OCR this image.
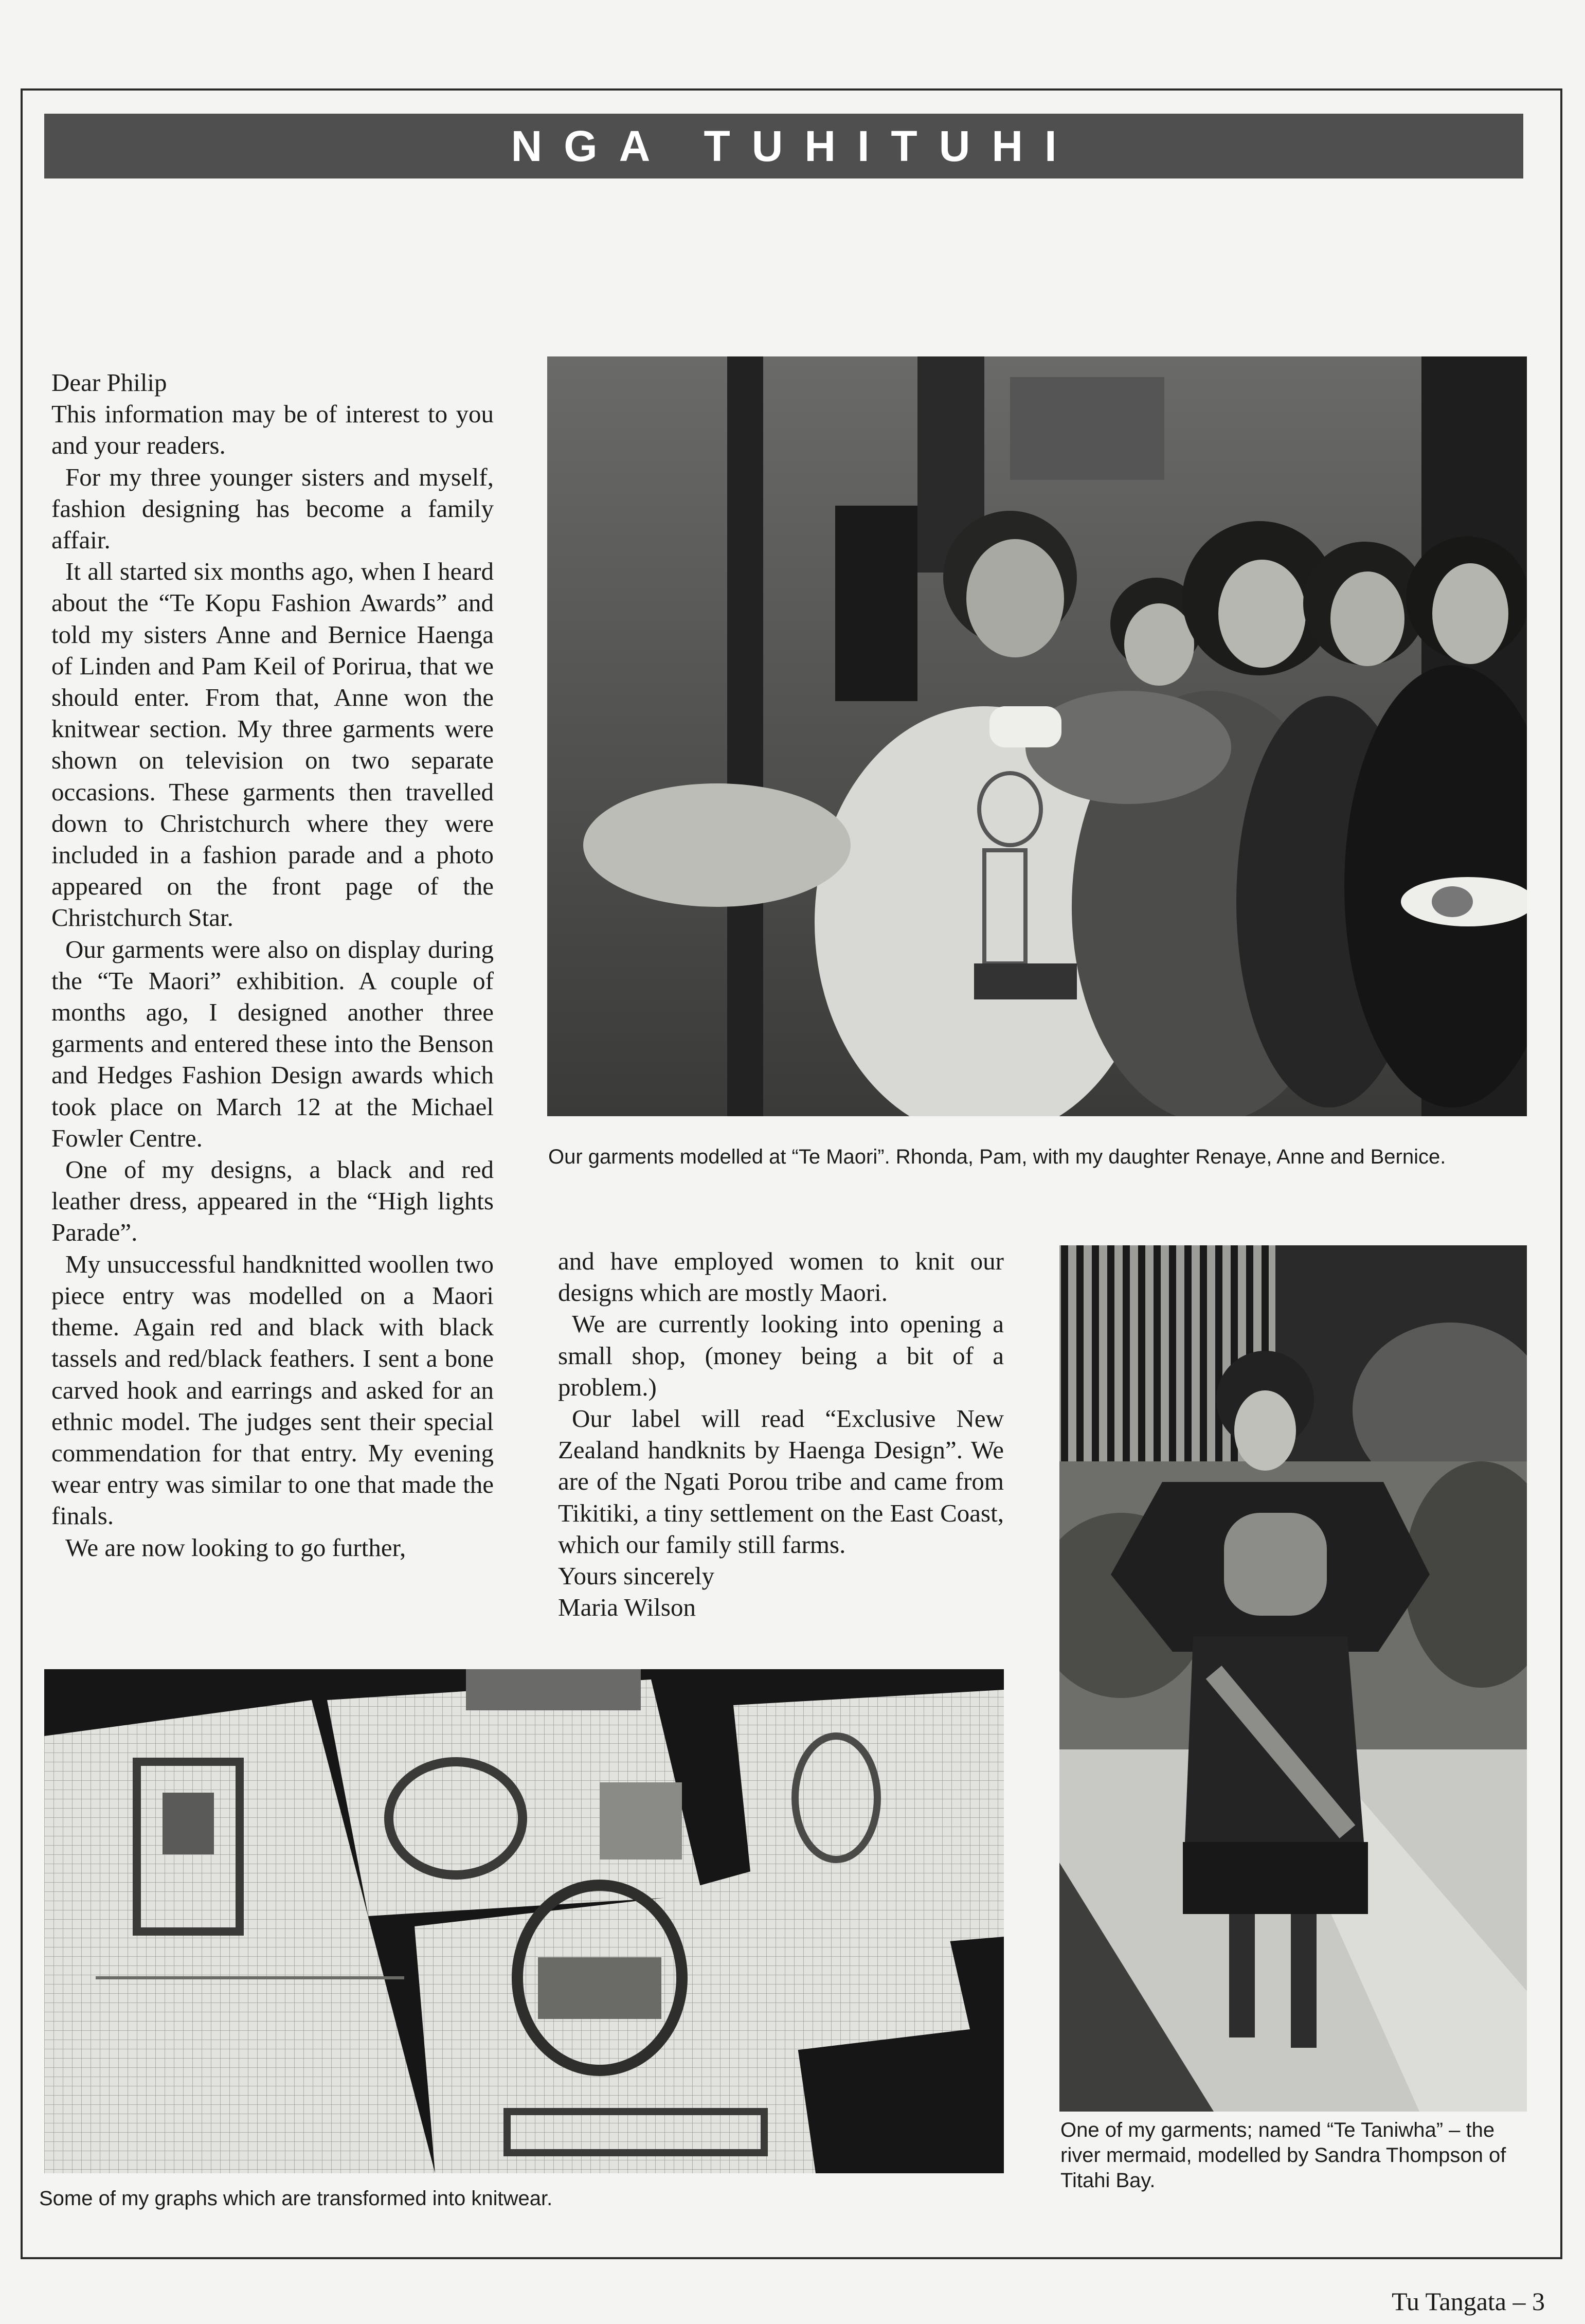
NGA TUHITUHI

Dear Philip

This information may be of interest to you and your readers.

For my three younger sisters and myself, fashion designing has become a family affair.

It all started six months ago, when I heard about the “Te Kopu Fashion Awards” and told my sisters Anne and Bernice Haenga of Linden and Pam Keil of Porirua, that we should enter. From that, Anne won the knitwear section. My three garments were shown on television on two separate occasions. These garments then travelled down to Christchurch where they were included in a fashion parade and a photo appeared on the front page of the Christchurch Star.

Our garments were also on display during the “Te Maori” exhibition. A couple of months ago, I designed another three garments and entered these into the Benson and Hedges Fashion Design awards which took place on March 12 at the Michael Fowler Centre.

One of my designs, a black and red leather dress, appeared in the “High lights Parade”.

My unsuccessful handknitted woollen two piece entry was modelled on a Maori theme. Again red and black with black tassels and red/black feathers. I sent a bone carved hook and earrings and asked for an ethnic model. The judges sent their special commendation for that entry. My evening wear entry was similar to one that made the finals.

We are now looking to go further,

and have employed women to knit our designs which are mostly Maori.

We are currently looking into opening a small shop, (money being a bit of a problem.)

Our label will read “Exclusive New Zealand handknits by Haenga Design”. We are of the Ngati Porou tribe and came from Tikitiki, a tiny settlement on the East Coast, which our family still farms.

Yours sincerely

Maria Wilson

Our garments modelled at “Te Maori”. Rhonda, Pam, with my daughter Renaye, Anne and Bernice.
One of my garments; named “Te Taniwha” – the river mermaid, modelled by Sandra Thompson of Titahi Bay.
Some of my graphs which are transformed into knitwear.
Tu Tangata – 3
